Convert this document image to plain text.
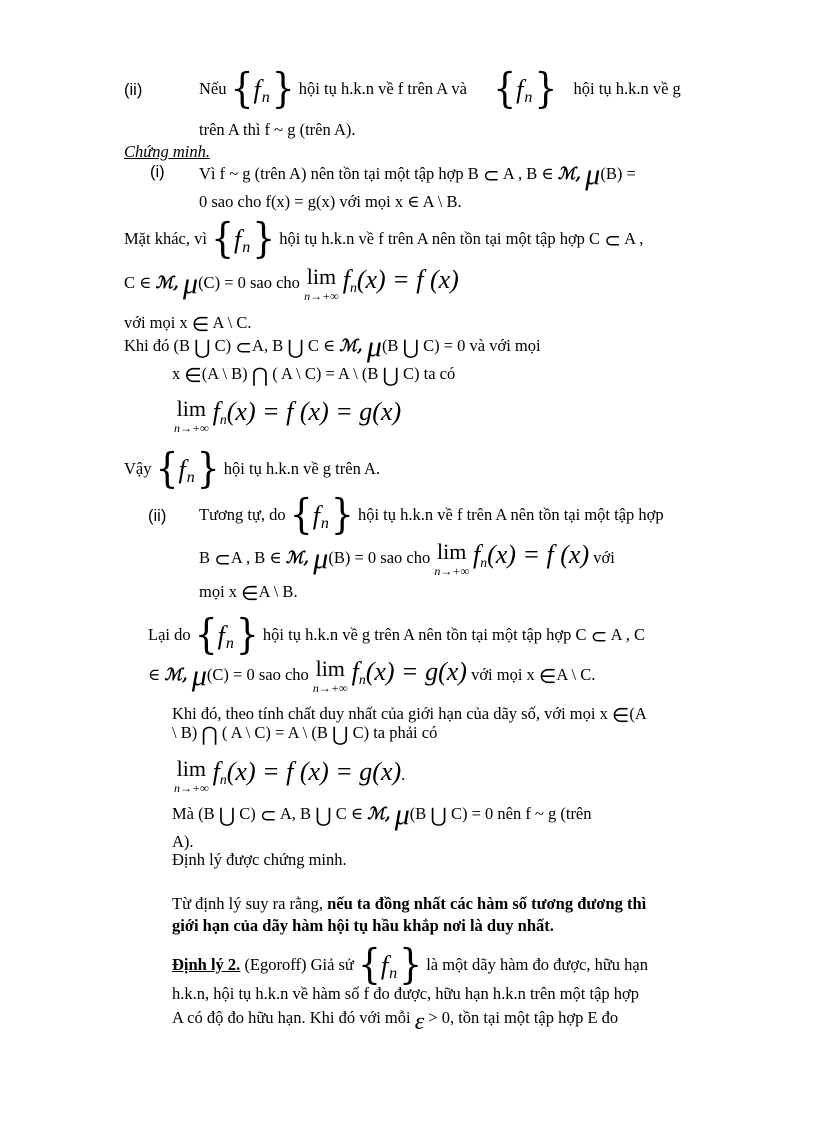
(ii)	Nếu { f n } hội tụ h.k.n về f trên A và { f n } hội tụ h.k.n về g
trên A thì f ~ g (trên A).
Chứng minh.
(i) Vì f ~ g (trên A) nên tồn tại một tập hợp B ⊂ A , B ∈ ℳ, μ(B) =
0 sao cho f(x) = g(x) với mọi x ∈ A \ B.
Mặt khác, vì { f n } hội tụ h.k.n về f trên A nên tồn tại một tập hợp C ⊂ A ,
C ∈ ℳ, μ(C) = 0 sao cho lim
n→+∞
$f_n(x) = f$ (x)
với mọi x ∈ A \ C.
Khi đó (B ⋃ C) ⊂A, B ⋃ C ∈ ℳ, μ(B ⋃ C) = 0 và với mọi
x ∈(A \ B) ⋂ ( A \ C) = A \ (B ⋃ C) ta có
lim
n→+∞
$f_n(x) = f$ (x) = g(x)
Vậy { f n } hội tụ h.k.n về g trên A.
(ii) Tương tự, do { f n } hội tụ h.k.n về f trên A nên tồn tại một tập hợp
B ⊂A , B ∈ ℳ, μ(B) = 0 sao cho lim
n→+∞
$f_n(x) = f$ (x) với
mọi x ∈A \ B.
Lại do { f n } hội tụ h.k.n về g trên A nên tồn tại một tập hợp C ⊂ A , C
∈ ℳ, μ(C) = 0 sao cho lim
n→+∞
$f_n(x) = g(x)$ với mọi x ∈A \ C.
Khi đó, theo tính chất duy nhất của giới hạn của dãy số, với mọi x ∈(A
\ B) ⋂ ( A \ C) = A \ (B ⋃ C) ta phải có
lim
n→+∞
$f_n(x) = f$ (x) = g(x).
Mà (B ⋃ C) ⊂ A, B ⋃ C ∈ ℳ, μ(B ⋃ C) = 0 nên f ~ g (trên
A).
Định lý được chứng minh.
Từ định lý suy ra rằng, nếu ta đồng nhất các hàm số tương đương thì
giới hạn của dãy hàm hội tụ hầu khắp nơi là duy nhất.
Định lý 2. (Egoroff) Giả sử { f n } là một dãy hàm đo được, hữu hạn
h.k.n, hội tụ h.k.n về hàm số f đo được, hữu hạn h.k.n trên một tập hợp
A có độ đo hữu hạn. Khi đó với mỗi ε > 0, tồn tại một tập hợp E đo
